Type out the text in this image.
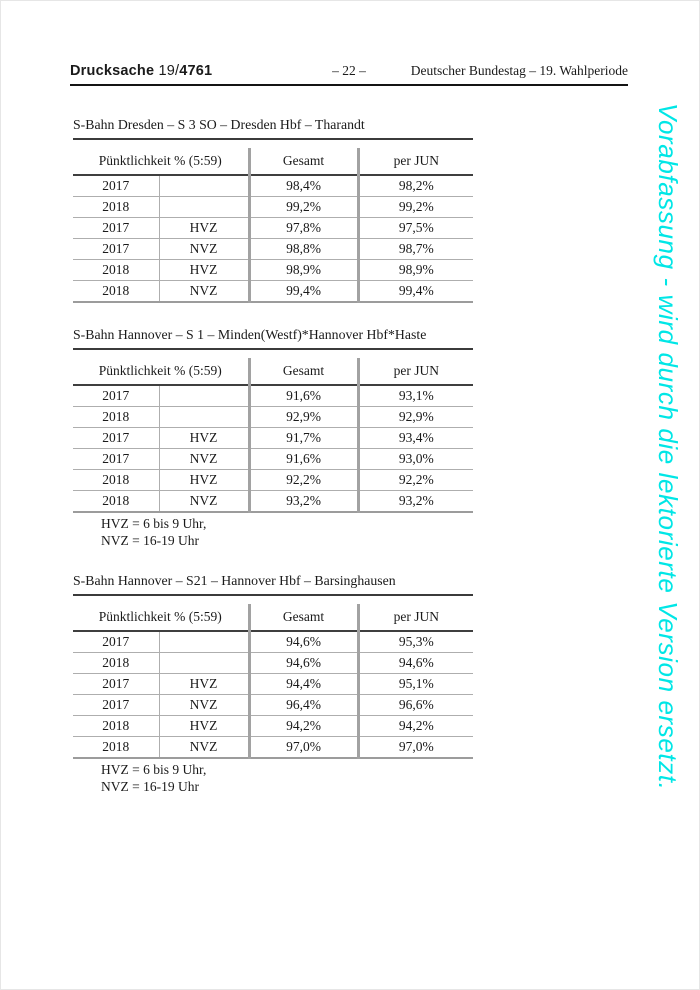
Drucksache 19/4761	– 22 –	Deutscher Bundestag – 19. Wahlperiode
S-Bahn Dresden – S 3 SO – Dresden Hbf – Tharandt
Pünktlichkeit % (5:59)		Gesamt	per JUN
2017		98,4%	98,2%
2018		99,2%	99,2%
2017	HVZ	97,8%	97,5%
2017	NVZ	98,8%	98,7%
2018	HVZ	98,9%	98,9%
2018	NVZ	99,4%	99,4%
S-Bahn Hannover – S 1 – Minden(Westf)*Hannover Hbf*Haste
Pünktlichkeit % (5:59)		Gesamt	per JUN
2017		91,6%	93,1%
2018		92,9%	92,9%
2017	HVZ	91,7%	93,4%
2017	NVZ	91,6%	93,0%
2018	HVZ	92,2%	92,2%
2018	NVZ	93,2%	93,2%
HVZ = 6 bis 9 Uhr,
NVZ = 16-19 Uhr
S-Bahn Hannover – S21 – Hannover Hbf – Barsinghausen
Pünktlichkeit % (5:59)		Gesamt	per JUN
2017		94,6%	95,3%
2018		94,6%	94,6%
2017	HVZ	94,4%	95,1%
2017	NVZ	96,4%	96,6%
2018	HVZ	94,2%	94,2%
2018	NVZ	97,0%	97,0%
HVZ = 6 bis 9 Uhr,
NVZ = 16-19 Uhr	Vorabfassung - wird durch die lektorierte Version ersetzt.
